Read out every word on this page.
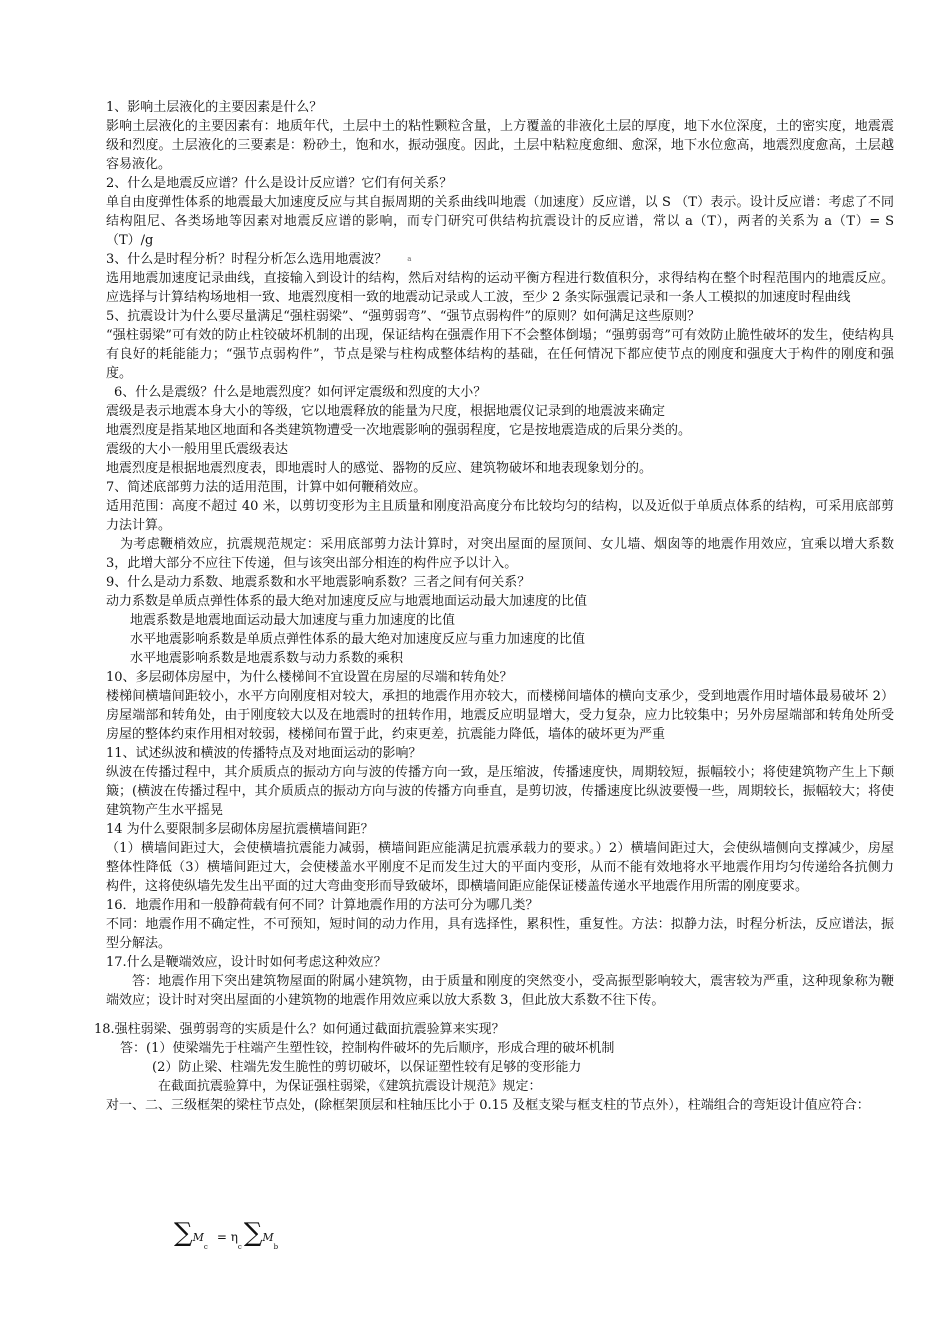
1、影响土层液化的主要因素是什么？

影响土层液化的主要因素有：地质年代，土层中土的粘性颗粒含量，上方覆盖的非液化土层的厚度，地下水位深度，土的密实度，地震震级和烈度。土层液化的三要素是：粉砂土，饱和水，振动强度。因此，土层中粘粒度愈细、愈深，地下水位愈高，地震烈度愈高，土层越容易液化。

2、什么是地震反应谱？什么是设计反应谱？它们有何关系？

单自由度弹性体系的地震最大加速度反应与其自振周期的关系曲线叫地震（加速度）反应谱，以 S （T）表示。设计反应谱：考虑了不同结构阻尼、各类场地等因素对地震反应谱的影响，而专门研究可供结构抗震设计的反应谱，常以 a（T），两者的关系为 a（T）= S （T）/g

3、什么是时程分析？时程分析怎么选用地震波？	$^a$

选用地震加速度记录曲线，直接输入到设计的结构，然后对结构的运动平衡方程进行数值积分，求得结构在整个时程范围内的地震反应。应选择与计算结构场地相一致、地震烈度相一致的地震动记录或人工波，至少 2 条实际强震记录和一条人工模拟的加速度时程曲线

5、抗震设计为什么要尽量满足“强柱弱梁”、“强剪弱弯”、“强节点弱构件”的原则？如何满足这些原则？

“强柱弱梁”可有效的防止柱铰破坏机制的出现，保证结构在强震作用下不会整体倒塌；“强剪弱弯”可有效防止脆性破坏的发生，使结构具有良好的耗能能力；“强节点弱构件”，节点是梁与柱构成整体结构的基础，在任何情况下都应使节点的刚度和强度大于构件的刚度和强度。

6、什么是震级？什么是地震烈度？如何评定震级和烈度的大小？
震级是表示地震本身大小的等级，它以地震释放的能量为尺度，根据地震仪记录到的地震波来确定
地震烈度是指某地区地面和各类建筑物遭受一次地震影响的强弱程度，它是按地震造成的后果分类的。
震级的大小一般用里氏震级表达
地震烈度是根据地震烈度表，即地震时人的感觉、器物的反应、建筑物破坏和地表现象划分的。
7、简述底部剪力法的适用范围，计算中如何鞭稍效应。

适用范围：高度不超过 40 米，以剪切变形为主且质量和刚度沿高度分布比较均匀的结构，以及近似于单质点体系的结构，可采用底部剪力法计算。

为考虑鞭梢效应，抗震规范规定：采用底部剪力法计算时，对突出屋面的屋顶间、女儿墙、烟囱等的地震作用效应，宜乘以增大系数 3，此增大部分不应往下传递，但与该突出部分相连的构件应予以计入。

9、什么是动力系数、地震系数和水平地震影响系数？三者之间有何关系？
动力系数是单质点弹性体系的最大绝对加速度反应与地震地面运动最大加速度的比值
地震系数是地震地面运动最大加速度与重力加速度的比值
水平地震影响系数是单质点弹性体系的最大绝对加速度反应与重力加速度的比值
水平地震影响系数是地震系数与动力系数的乘积
10、多层砌体房屋中，为什么楼梯间不宜设置在房屋的尽端和转角处？

楼梯间横墙间距较小，水平方向刚度相对较大，承担的地震作用亦较大，而楼梯间墙体的横向支承少，受到地震作用时墙体最易破坏 2）房屋端部和转角处，由于刚度较大以及在地震时的扭转作用，地震反应明显增大，受力复杂，应力比较集中；另外房屋端部和转角处所受房屋的整体约束作用相对较弱，楼梯间布置于此，约束更差，抗震能力降低，墙体的破坏更为严重

11、试述纵波和横波的传播特点及对地面运动的影响？

纵波在传播过程中，其介质质点的振动方向与波的传播方向一致，是压缩波，传播速度快，周期较短，振幅较小；将使建筑物产生上下颠簸；(横波在传播过程中，其介质质点的振动方向与波的传播方向垂直，是剪切波，传播速度比纵波要慢一些，周期较长，振幅较大；将使建筑物产生水平摇晃

14 为什么要限制多层砌体房屋抗震横墙间距？

（1）横墙间距过大，会使横墙抗震能力减弱，横墙间距应能满足抗震承载力的要求。）2）横墙间距过大，会使纵墙侧向支撑减少，房屋整体性降低（3）横墙间距过大，会使楼盖水平刚度不足而发生过大的平面内变形，从而不能有效地将水平地震作用均匀传递给各抗侧力构件，这将使纵墙先发生出平面的过大弯曲变形而导致破坏，即横墙间距应能保证楼盖传递水平地震作用所需的刚度要求。

16．地震作用和一般静荷载有何不同？计算地震作用的方法可分为哪几类？

不同：地震作用不确定性，不可预知，短时间的动力作用，具有选择性，累积性，重复性。方法：拟静力法，时程分析法，反应谱法，振型分解法。

17.什么是鞭端效应，设计时如何考虑这种效应？

答：地震作用下突出建筑物屋面的附属小建筑物，由于质量和刚度的突然变小，受高振型影响较大，震害较为严重，这种现象称为鞭端效应；设计时对突出屋面的小建筑物的地震作用效应乘以放大系数 3，但此放大系数不往下传。

18.强柱弱梁、强剪弱弯的实质是什么？如何通过截面抗震验算来实现？
答：(1）使梁端先于柱端产生塑性铰，控制构件破坏的先后顺序，形成合理的破坏机制
(2）防止梁、柱端先发生脆性的剪切破坏，以保证塑性较有足够的变形能力
在截面抗震验算中，为保证强柱弱梁，《建筑抗震设计规范》规定：

对一、二、三级框架的梁柱节点处，(除框架顶层和柱轴压比小于 0.15 及框支梁与框支柱的节点外），柱端组合的弯矩设计值应符合：

$\sum M_c = \eta_c\sum M_b$
